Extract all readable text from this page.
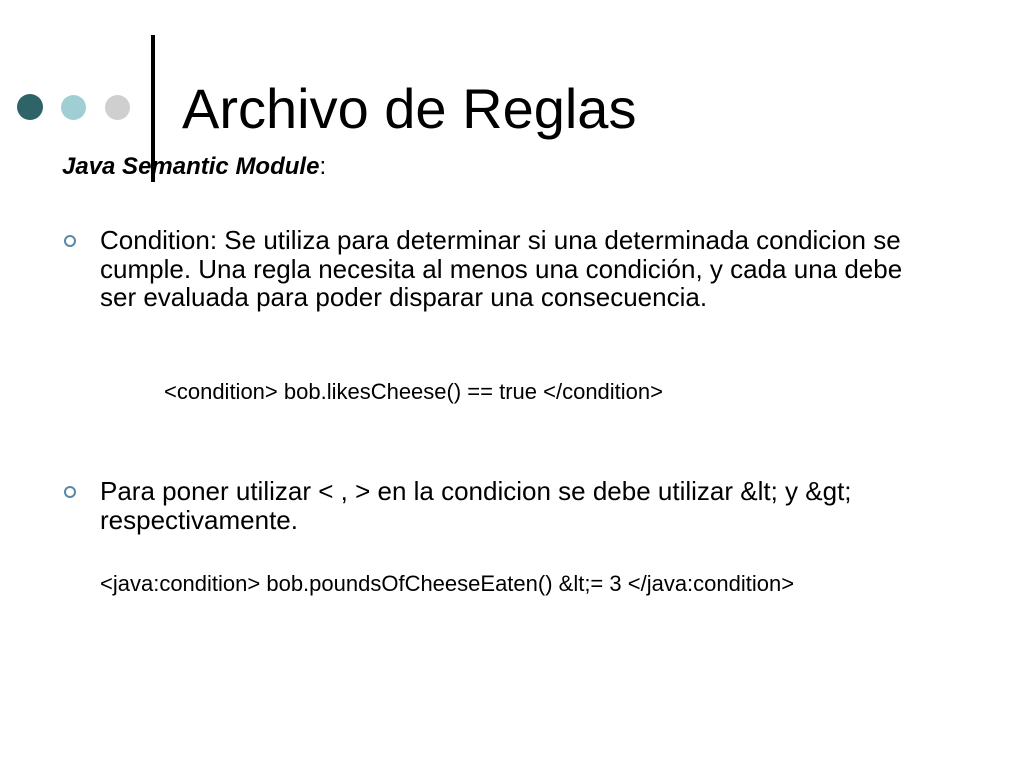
Archivo de Reglas
Java Semantic Module:
Condition: Se utiliza para determinar si una determinada condicion se cumple. Una regla necesita al menos una condición, y cada una debe ser evaluada para poder disparar una consecuencia.
<condition> bob.likesCheese() == true </condition>
Para poner utilizar < , > en la condicion se debe utilizar &lt; y &gt; respectivamente.
<java:condition> bob.poundsOfCheeseEaten() &lt;= 3 </java:condition>
